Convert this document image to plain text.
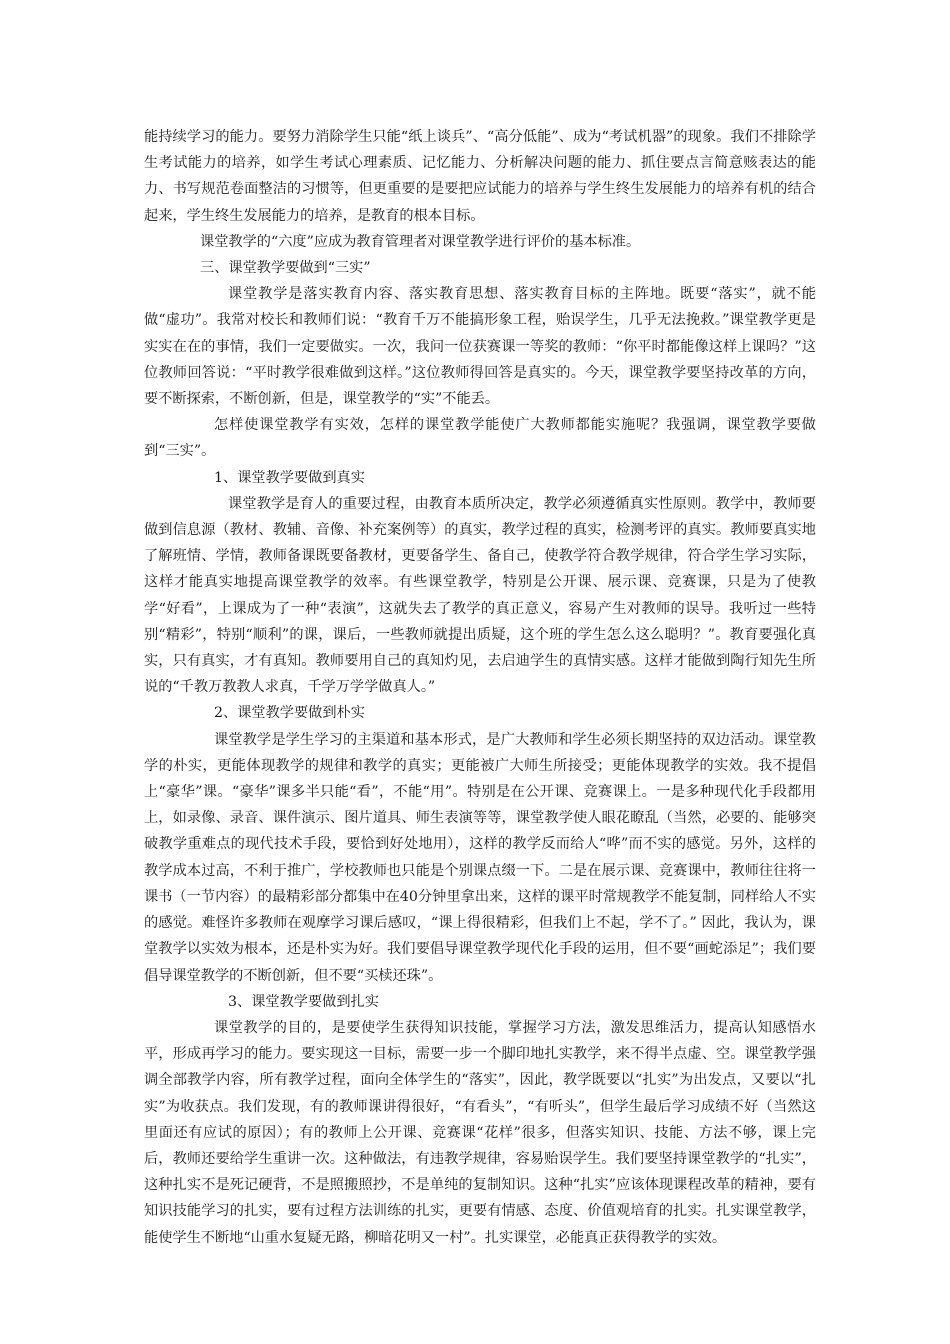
能持续学习的能力。要努力消除学生只能“纸上谈兵”、“高分低能”、成为“考试机器”的现象。我们不排除学生考试能力的培养，如学生考试心理素质、记忆能力、分析解决问题的能力、抓住要点言简意赅表达的能力、书写规范卷面整洁的习惯等，但更重要的是要把应试能力的培养与学生终生发展能力的培养有机的结合起来，学生终生发展能力的培养，是教育的根本目标。

课堂教学的“六度”应成为教育管理者对课堂教学进行评价的基本标准。

三、课堂教学要做到“三实”

课堂教学是落实教育内容、落实教育思想、落实教育目标的主阵地。既要“落实”，就不能做“虚功”。我常对校长和教师们说：“教育千万不能搞形象工程，贻误学生，几乎无法挽救。”课堂教学更是实实在在的事情，我们一定要做实。一次，我问一位获赛课一等奖的教师：“你平时都能像这样上课吗？”这位教师回答说：“平时教学很难做到这样。”这位教师得回答是真实的。今天，课堂教学要坚持改革的方向，要不断探索，不断创新，但是，课堂教学的“实”不能丢。

怎样使课堂教学有实效，怎样的课堂教学能使广大教师都能实施呢？我强调，课堂教学要做到“三实”。

1、课堂教学要做到真实

课堂教学是育人的重要过程，由教育本质所决定，教学必须遵循真实性原则。教学中，教师要做到信息源（教材、教辅、音像、补充案例等）的真实，教学过程的真实，检测考评的真实。教师要真实地了解班情、学情，教师备课既要备教材，更要备学生、备自己，使教学符合教学规律，符合学生学习实际，这样才能真实地提高课堂教学的效率。有些课堂教学，特别是公开课、展示课、竞赛课，只是为了使教学“好看”，上课成为了一种“表演”，这就失去了教学的真正意义，容易产生对教师的误导。我听过一些特别“精彩”，特别“顺利”的课，课后，一些教师就提出质疑，这个班的学生怎么这么聪明？”。教育要强化真实，只有真实，才有真知。教师要用自己的真知灼见，去启迪学生的真情实感。这样才能做到陶行知先生所说的“千教万教教人求真，千学万学学做真人。”

2、课堂教学要做到朴实

课堂教学是学生学习的主渠道和基本形式，是广大教师和学生必须长期坚持的双边活动。课堂教学的朴实，更能体现教学的规律和教学的真实；更能被广大师生所接受；更能体现教学的实效。我不提倡上“豪华”课。“豪华”课多半只能“看”，不能“用”。特别是在公开课、竞赛课上。一是多种现代化手段都用上，如录像、录音、课件演示、图片道具、师生表演等等，课堂教学使人眼花瞭乱（当然，必要的、能够突破教学重难点的现代技术手段，要恰到好处地用），这样的教学反而给人“哗”而不实的感觉。另外，这样的教学成本过高，不利于推广，学校教师也只能是个别课点缀一下。二是在展示课、竞赛课中，教师往往将一课书（一节内容）的最精彩部分都集中在40分钟里拿出来，这样的课平时常规教学不能复制，同样给人不实的感觉。难怪许多教师在观摩学习课后感叹，“课上得很精彩，但我们上不起，学不了。” 因此，我认为，课堂教学以实效为根本，还是朴实为好。我们要倡导课堂教学现代化手段的运用，但不要“画蛇添足”；我们要倡导课堂教学的不断创新，但不要“买椟还珠”。

3、课堂教学要做到扎实

课堂教学的目的，是要使学生获得知识技能，掌握学习方法，激发思维活力，提高认知感悟水平，形成再学习的能力。要实现这一目标，需要一步一个脚印地扎实教学，来不得半点虚、空。课堂教学强调全部教学内容，所有教学过程，面向全体学生的“落实”，因此，教学既要以“扎实”为出发点，又要以“扎实”为收获点。我们发现，有的教师课讲得很好，“有看头”，“有听头”，但学生最后学习成绩不好（当然这里面还有应试的原因）；有的教师上公开课、竞赛课“花样”很多，但落实知识、技能、方法不够，课上完后，教师还要给学生重讲一次。这种做法，有违教学规律，容易贻误学生。我们要坚持课堂教学的“扎实”，这种扎实不是死记硬背，不是照搬照抄，不是单纯的复制知识。这种“扎实”应该体现课程改革的精神，要有知识技能学习的扎实，要有过程方法训练的扎实，更要有情感、态度、价值观培育的扎实。扎实课堂教学，能使学生不断地“山重水复疑无路，柳暗花明又一村”。扎实课堂，必能真正获得教学的实效。
